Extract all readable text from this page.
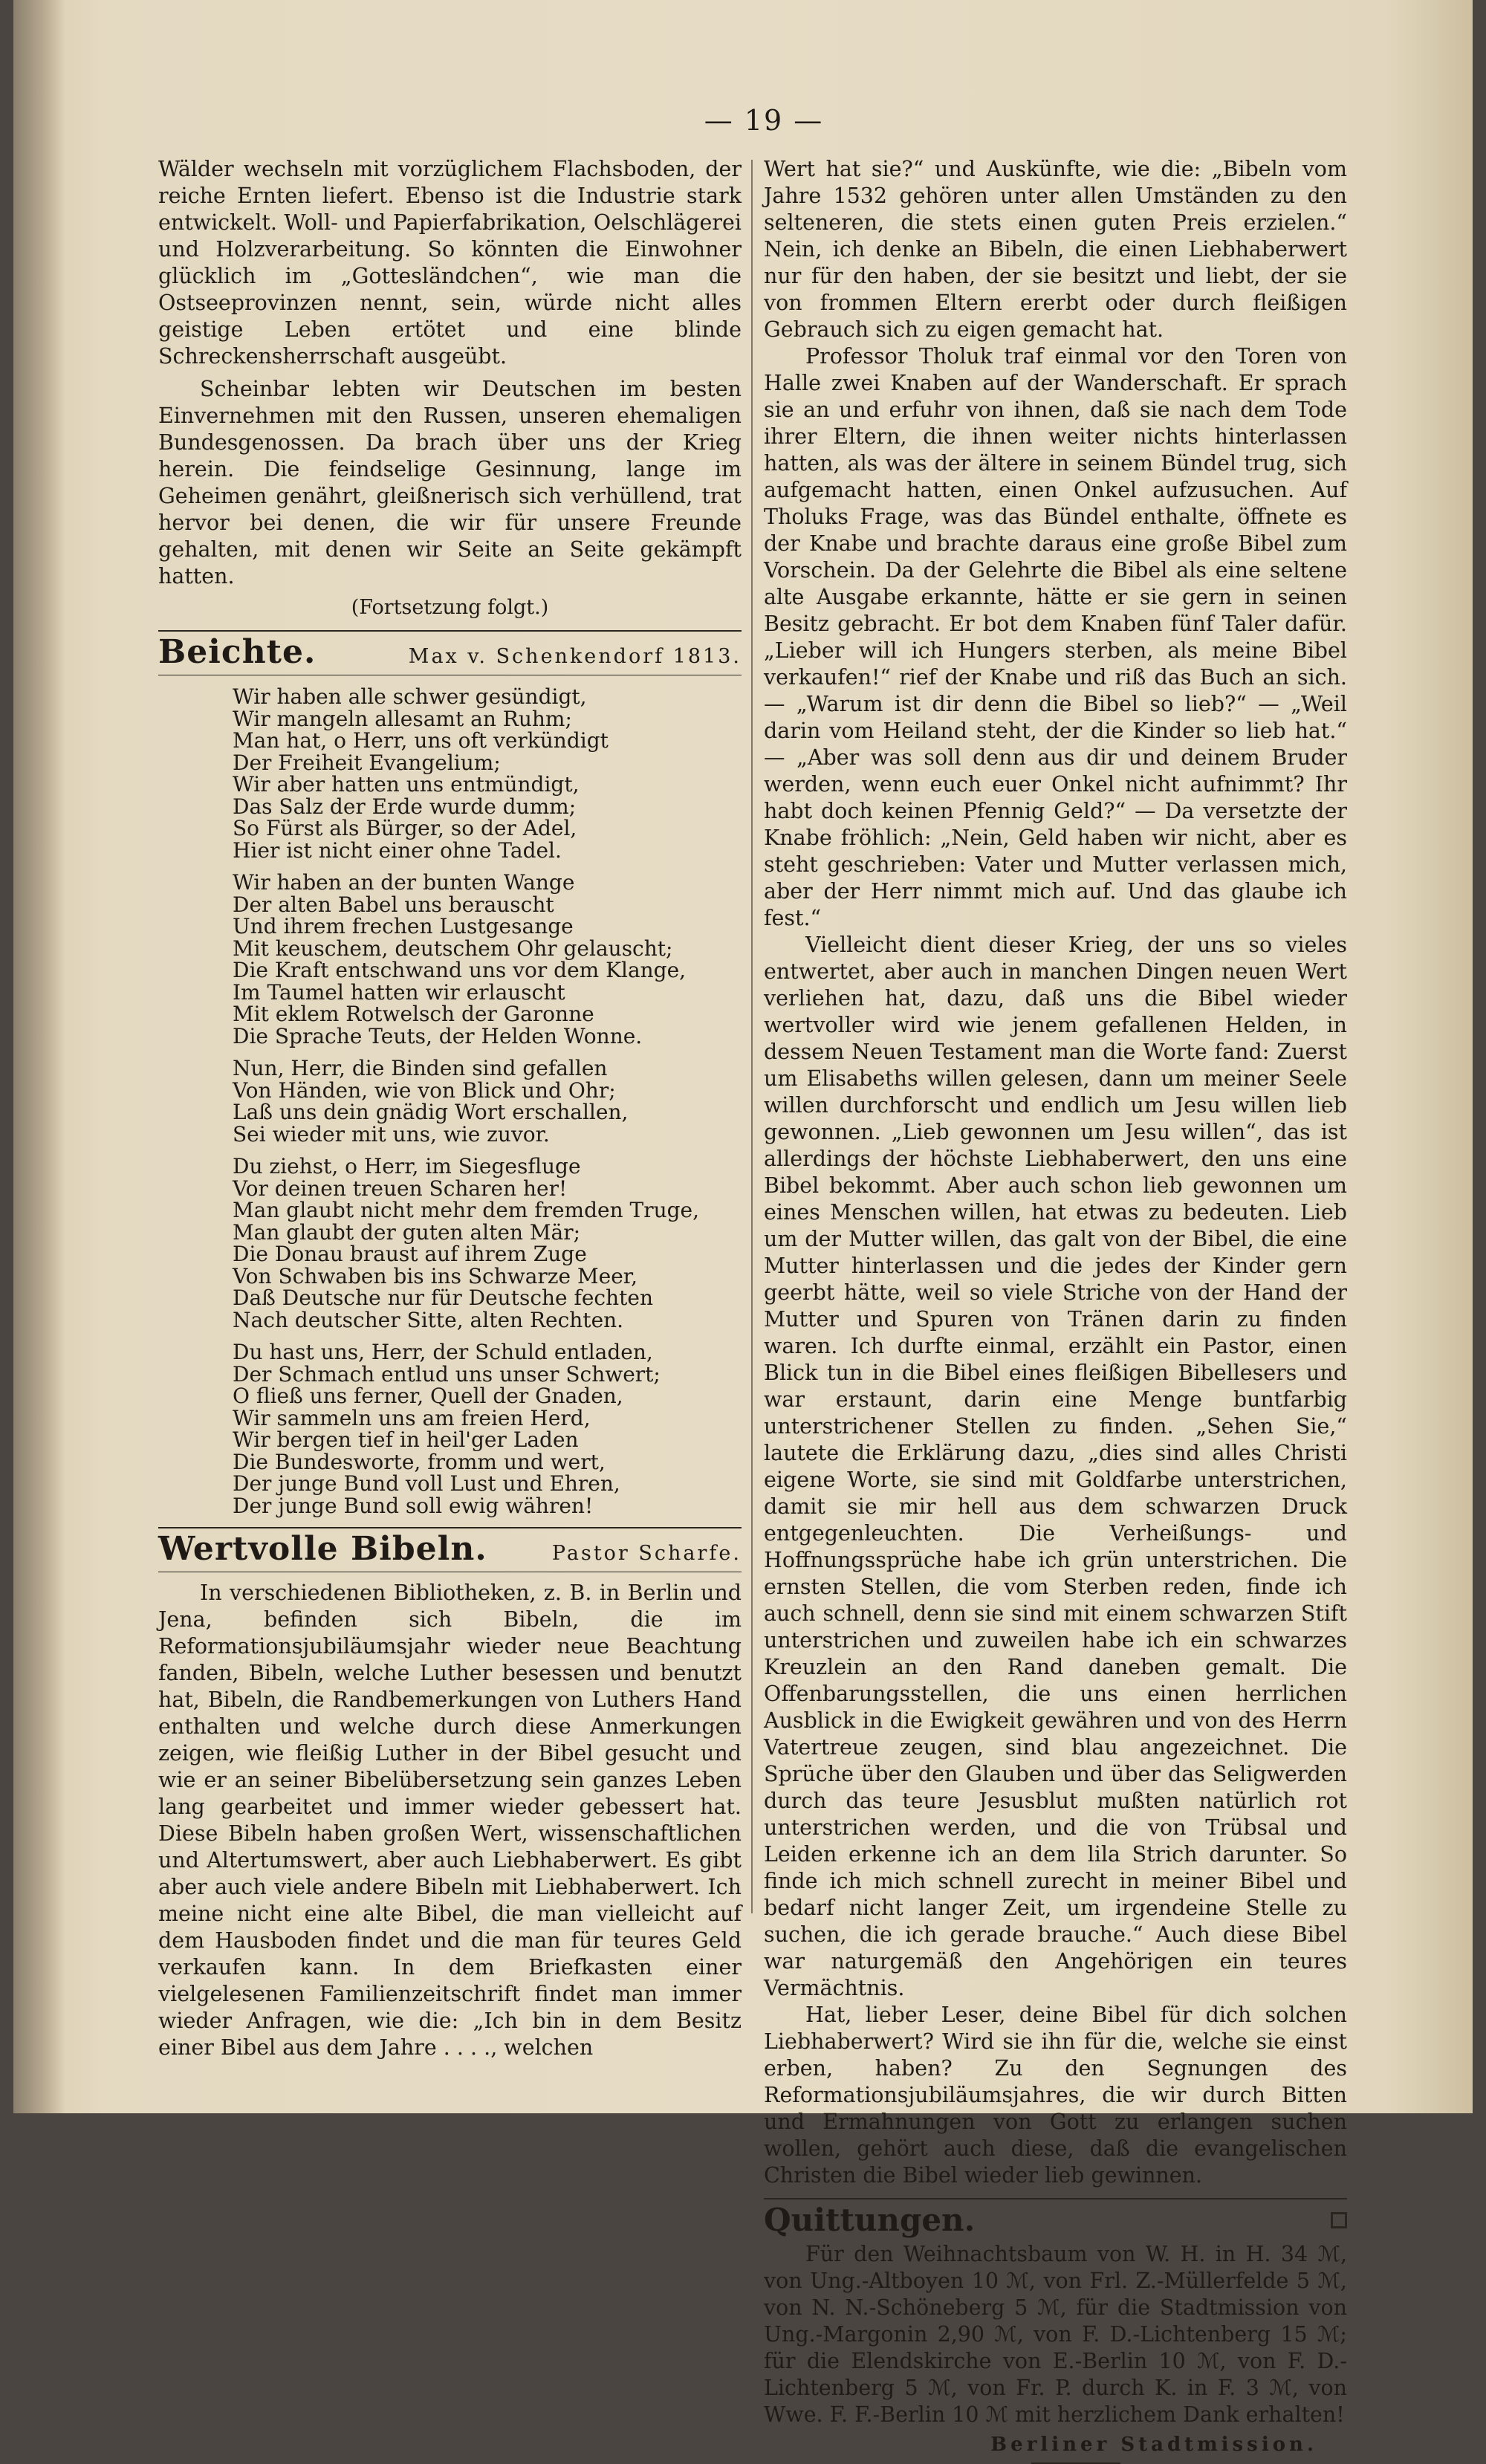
— 19 —

Wälder wechseln mit vorzüglichem Flachsboden, der reiche Ernten liefert. Ebenso ist die Industrie stark entwickelt. Woll- und Papierfabrikation, Oelschlägerei und Holzverarbeitung. So könnten die Einwohner glücklich im „Gottesländchen“, wie man die Ostseeprovinzen nennt, sein, würde nicht alles geistige Leben ertötet und eine blinde Schreckensherrschaft ausgeübt.

Scheinbar lebten wir Deutschen im besten Einvernehmen mit den Russen, unseren ehemaligen Bundesgenossen. Da brach über uns der Krieg herein. Die feindselige Gesinnung, lange im Geheimen genährt, gleißnerisch sich verhüllend, trat hervor bei denen, die wir für unsere Freunde gehalten, mit denen wir Seite an Seite gekämpft hatten.

(Fortsetzung folgt.)
Beichte.	Max v. Schenkendorf 1813.
Wir haben alle schwer gesündigt,
Wir mangeln allesamt an Ruhm;
Man hat, o Herr, uns oft verkündigt
Der Freiheit Evangelium;
Wir aber hatten uns entmündigt,
Das Salz der Erde wurde dumm;
So Fürst als Bürger, so der Adel,
Hier ist nicht einer ohne Tadel.
Wir haben an der bunten Wange
Der alten Babel uns berauscht
Und ihrem frechen Lustgesange
Mit keuschem, deutschem Ohr gelauscht;
Die Kraft entschwand uns vor dem Klange,
Im Taumel hatten wir erlauscht
Mit eklem Rotwelsch der Garonne
Die Sprache Teuts, der Helden Wonne.
Nun, Herr, die Binden sind gefallen
Von Händen, wie von Blick und Ohr;
Laß uns dein gnädig Wort erschallen,
Sei wieder mit uns, wie zuvor.
Du ziehst, o Herr, im Siegesfluge
Vor deinen treuen Scharen her!
Man glaubt nicht mehr dem fremden Truge,
Man glaubt der guten alten Mär;
Die Donau braust auf ihrem Zuge
Von Schwaben bis ins Schwarze Meer,
Daß Deutsche nur für Deutsche fechten
Nach deutscher Sitte, alten Rechten.
Du hast uns, Herr, der Schuld entladen,
Der Schmach entlud uns unser Schwert;
O fließ uns ferner, Quell der Gnaden,
Wir sammeln uns am freien Herd,
Wir bergen tief in heil'ger Laden
Die Bundesworte, fromm und wert,
Der junge Bund voll Lust und Ehren,
Der junge Bund soll ewig währen!
Wertvolle Bibeln.	Pastor Scharfe.

In verschiedenen Bibliotheken, z. B. in Berlin und Jena, befinden sich Bibeln, die im Reformationsjubiläumsjahr wieder neue Beachtung fanden, Bibeln, welche Luther besessen und benutzt hat, Bibeln, die Randbemerkungen von Luthers Hand enthalten und welche durch diese Anmerkungen zeigen, wie fleißig Luther in der Bibel gesucht und wie er an seiner Bibelübersetzung sein ganzes Leben lang gearbeitet und immer wieder gebessert hat. Diese Bibeln haben großen Wert, wissenschaftlichen und Altertumswert, aber auch Liebhaberwert. Es gibt aber auch viele andere Bibeln mit Liebhaberwert. Ich meine nicht eine alte Bibel, die man vielleicht auf dem Hausboden findet und die man für teures Geld verkaufen kann. In dem Briefkasten einer vielgelesenen Familienzeitschrift findet man immer wieder Anfragen, wie die: „Ich bin in dem Besitz einer Bibel aus dem Jahre . . . ., welchen

Wert hat sie?“ und Auskünfte, wie die: „Bibeln vom Jahre 1532 gehören unter allen Umständen zu den selteneren, die stets einen guten Preis erzielen.“ Nein, ich denke an Bibeln, die einen Liebhaberwert nur für den haben, der sie besitzt und liebt, der sie von frommen Eltern ererbt oder durch fleißigen Gebrauch sich zu eigen gemacht hat.

Professor Tholuk traf einmal vor den Toren von Halle zwei Knaben auf der Wanderschaft. Er sprach sie an und erfuhr von ihnen, daß sie nach dem Tode ihrer Eltern, die ihnen weiter nichts hinterlassen hatten, als was der ältere in seinem Bündel trug, sich aufgemacht hatten, einen Onkel aufzusuchen. Auf Tholuks Frage, was das Bündel enthalte, öffnete es der Knabe und brachte daraus eine große Bibel zum Vorschein. Da der Gelehrte die Bibel als eine seltene alte Ausgabe erkannte, hätte er sie gern in seinen Besitz gebracht. Er bot dem Knaben fünf Taler dafür. „Lieber will ich Hungers sterben, als meine Bibel verkaufen!“ rief der Knabe und riß das Buch an sich. — „Warum ist dir denn die Bibel so lieb?“ — „Weil darin vom Heiland steht, der die Kinder so lieb hat.“ — „Aber was soll denn aus dir und deinem Bruder werden, wenn euch euer Onkel nicht aufnimmt? Ihr habt doch keinen Pfennig Geld?“ — Da versetzte der Knabe fröhlich: „Nein, Geld haben wir nicht, aber es steht geschrieben: Vater und Mutter verlassen mich, aber der Herr nimmt mich auf. Und das glaube ich fest.“

Vielleicht dient dieser Krieg, der uns so vieles entwertet, aber auch in manchen Dingen neuen Wert verliehen hat, dazu, daß uns die Bibel wieder wertvoller wird wie jenem gefallenen Helden, in dessem Neuen Testament man die Worte fand: Zuerst um Elisabeths willen gelesen, dann um meiner Seele willen durchforscht und endlich um Jesu willen lieb gewonnen. „Lieb gewonnen um Jesu willen“, das ist allerdings der höchste Liebhaberwert, den uns eine Bibel bekommt. Aber auch schon lieb gewonnen um eines Menschen willen, hat etwas zu bedeuten. Lieb um der Mutter willen, das galt von der Bibel, die eine Mutter hinterlassen und die jedes der Kinder gern geerbt hätte, weil so viele Striche von der Hand der Mutter und Spuren von Tränen darin zu finden waren. Ich durfte einmal, erzählt ein Pastor, einen Blick tun in die Bibel eines fleißigen Bibellesers und war erstaunt, darin eine Menge buntfarbig unterstrichener Stellen zu finden. „Sehen Sie,“ lautete die Erklärung dazu, „dies sind alles Christi eigene Worte, sie sind mit Goldfarbe unterstrichen, damit sie mir hell aus dem schwarzen Druck entgegenleuchten. Die Verheißungs- und Hoffnungssprüche habe ich grün unterstrichen. Die ernsten Stellen, die vom Sterben reden, finde ich auch schnell, denn sie sind mit einem schwarzen Stift unterstrichen und zuweilen habe ich ein schwarzes Kreuzlein an den Rand daneben gemalt. Die Offenbarungsstellen, die uns einen herrlichen Ausblick in die Ewigkeit gewähren und von des Herrn Vatertreue zeugen, sind blau angezeichnet. Die Sprüche über den Glauben und über das Seligwerden durch das teure Jesusblut mußten natürlich rot unterstrichen werden, und die von Trübsal und Leiden erkenne ich an dem lila Strich darunter. So finde ich mich schnell zurecht in meiner Bibel und bedarf nicht langer Zeit, um irgendeine Stelle zu suchen, die ich gerade brauche.“ Auch diese Bibel war naturgemäß den Angehörigen ein teures Vermächtnis.

Hat, lieber Leser, deine Bibel für dich solchen Liebhaberwert? Wird sie ihn für die, welche sie einst erben, haben? Zu den Segnungen des Reformationsjubiläumsjahres, die wir durch Bitten und Ermahnungen von Gott zu erlangen suchen wollen, gehört auch diese, daß die evangelischen Christen die Bibel wieder lieb gewinnen.

Quittungen.

Für den Weihnachtsbaum von W. H. in H. 34 ℳ, von Ung.-Altboyen 10 ℳ, von Frl. Z.-Müllerfelde 5 ℳ, von N. N.-Schöneberg 5 ℳ, für die Stadtmission von Ung.-Margonin 2,90 ℳ, von F. D.-Lichtenberg 15 ℳ; für die Elendskirche von E.-Berlin 10 ℳ, von F. D.-Lichtenberg 5 ℳ, von Fr. P. durch K. in F. 3 ℳ, von Wwe. F. F.-Berlin 10 ℳ mit herzlichem Dank erhalten!

Berliner Stadtmission.
